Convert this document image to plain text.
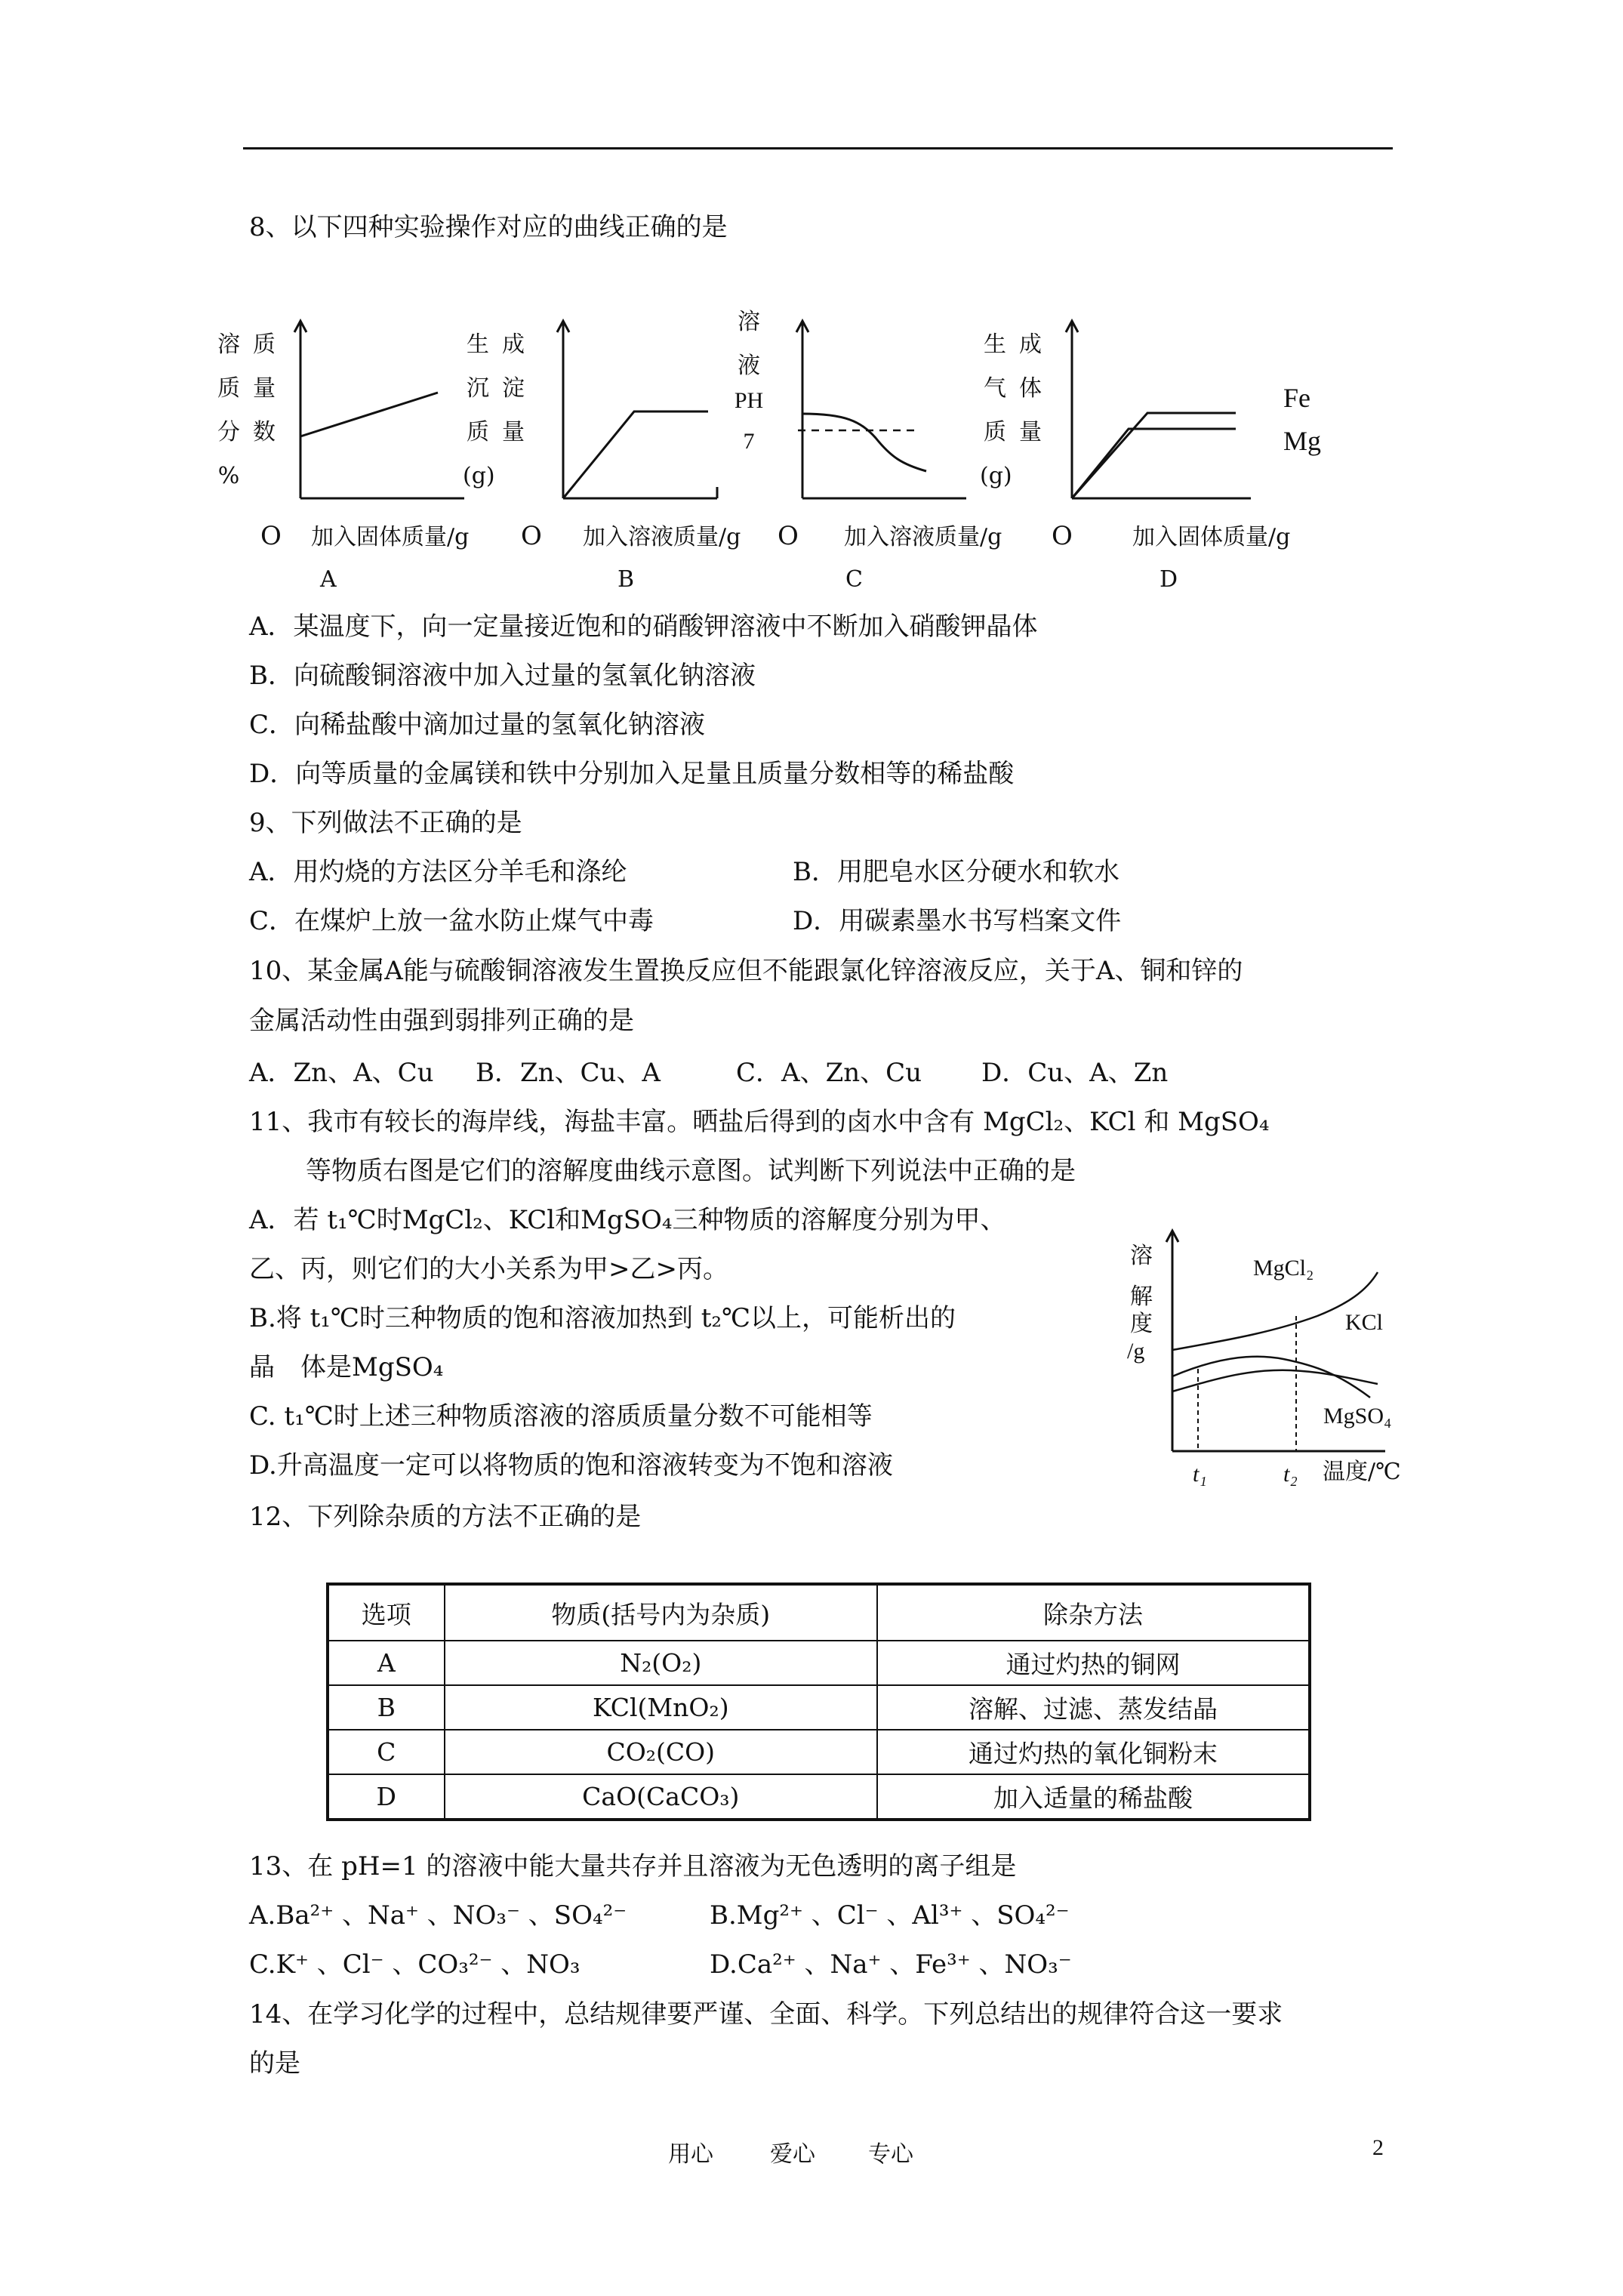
8、以下四种实验操作对应的曲线正确的是
溶
质
分
%
质
量
数
O 加入固体质量/g
A
生
沉
质
(g)
成
淀
量
O 加入溶液质量/g
B
溶
液
PH
7
O 加入溶液质量/g
C
生
气
质
(g)
成
体
量
Fe
Mg
O	加入固体质量/g
D
A．某温度下，向一定量接近饱和的硝酸钾溶液中不断加入硝酸钾晶体
B．向硫酸铜溶液中加入过量的氢氧化钠溶液
C．向稀盐酸中滴加过量的氢氧化钠溶液
D．向等质量的金属镁和铁中分别加入足量且质量分数相等的稀盐酸
9、下列做法不正确的是
A．用灼烧的方法区分羊毛和涤纶	B．用肥皂水区分硬水和软水
C．在煤炉上放一盆水防止煤气中毒	D．用碳素墨水书写档案文件
10、某金属A能与硫酸铜溶液发生置换反应但不能跟氯化锌溶液反应，关于A、铜和锌的
金属活动性由强到弱排列正确的是
A．Zn、A、Cu B．Zn、Cu、A	C．A、Zn、Cu D．Cu、A、Zn
11、我市有较长的海岸线，海盐丰富。晒盐后得到的卤水中含有 MgCl₂、KCl 和 MgSO₄
等物质右图是它们的溶解度曲线示意图。试判断下列说法中正确的是
A．若 t₁℃时MgCl₂、KCl和MgSO₄三种物质的溶解度分别为甲、
乙、丙，则它们的大小关系为甲>乙>丙。
B.将 t₁℃时三种物质的饱和溶液加热到 t₂℃以上，可能析出的
晶　体是MgSO₄
C. t₁℃时上述三种物质溶液的溶质质量分数不可能相等
D.升高温度一定可以将物质的饱和溶液转变为不饱和溶液
溶
解
度
/g
MgCl₂
KCl
MgSO₄
t₁	t₂ 温度/℃
12、下列除杂质的方法不正确的是
选项	物质(括号内为杂质)	除杂方法
A	N₂(O₂)	通过灼热的铜网
B	KCl(MnO₂)	溶解、过滤、蒸发结晶
C	CO₂(CO)	通过灼热的氧化铜粉末
D	CaO(CaCO₃)	加入适量的稀盐酸
13、在 pH=1 的溶液中能大量共存并且溶液为无色透明的离子组是
A.Ba²⁺ 、Na⁺ 、NO₃⁻ 、SO₄²⁻	B.Mg²⁺ 、Cl⁻ 、Al³⁺ 、SO₄²⁻
C.K⁺ 、Cl⁻ 、CO₃²⁻ 、NO₃	D.Ca²⁺ 、Na⁺ 、Fe³⁺ 、NO₃⁻
14、在学习化学的过程中，总结规律要严谨、全面、科学。下列总结出的规律符合这一要求
的是
用心	爱心 专心	2
